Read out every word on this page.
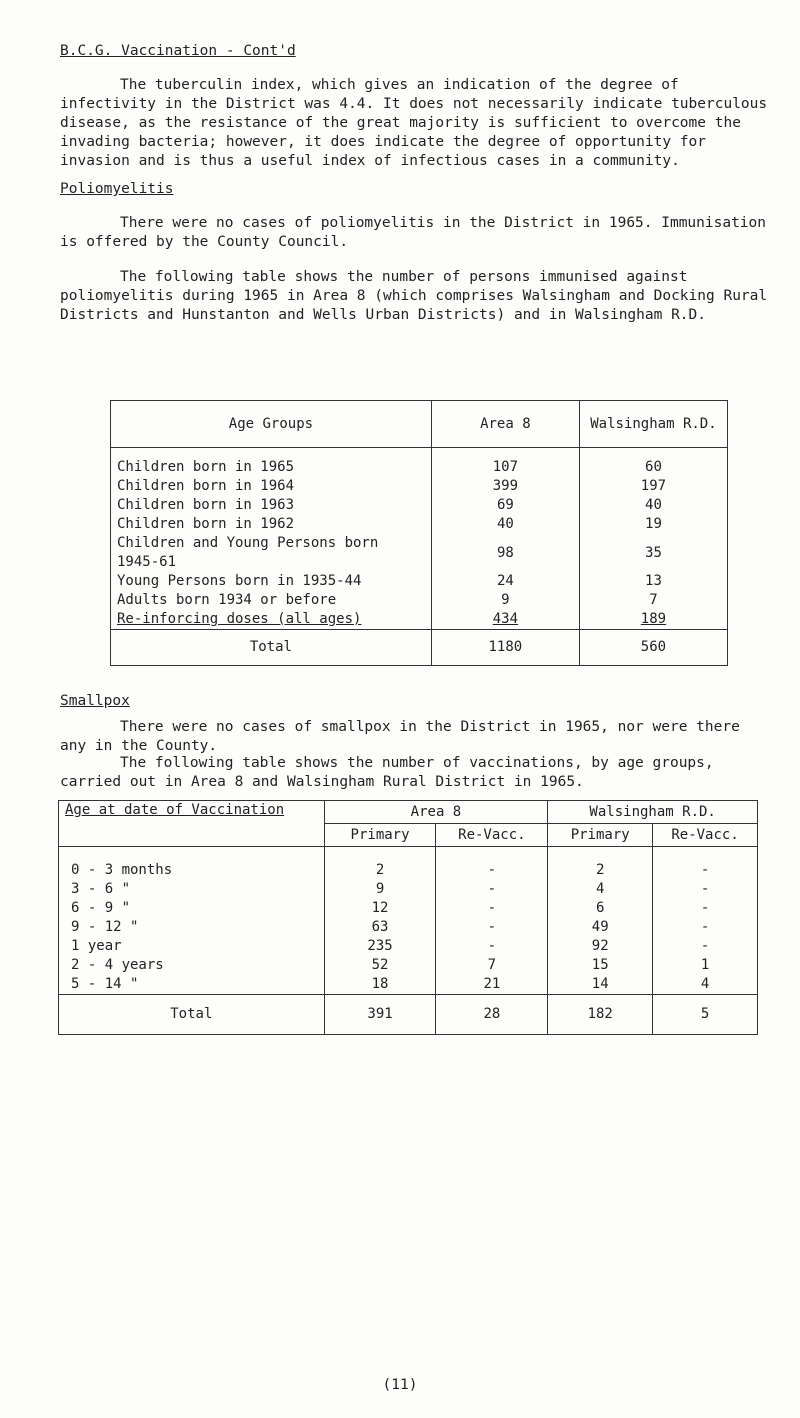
B.C.G. Vaccination - Cont'd

The tuberculin index, which gives an indication of the degree of infectivity in the District was 4.4. It does not necessarily indicate tuberculous disease, as the resistance of the great majority is sufficient to overcome the invading bacteria; however, it does indicate the degree of opportunity for invasion and is thus a useful index of infectious cases in a community.

Poliomyelitis

There were no cases of poliomyelitis in the District in 1965. Immunisation is offered by the County Council.

The following table shows the number of persons immunised against poliomyelitis during 1965 in Area 8 (which comprises Walsingham and Docking Rural Districts and Hunstanton and Wells Urban Districts) and in Walsingham R.D.

Age Groups	Area 8	Walsingham R.D.
Children born in 1965	107	60
Children born in 1964	399	197
Children born in 1963	69	40
Children born in 1962	40	19
Children and Young Persons born 1945-61	98	35
Young Persons born in 1935-44	24	13
Adults born 1934 or before	9	7
Re-inforcing doses (all ages)	434	189
Total	1180	560
Smallpox

There were no cases of smallpox in the District in 1965, nor were there any in the County.

The following table shows the number of vaccinations, by age groups, carried out in Area 8 and Walsingham Rural District in 1965.

Age at date of Vaccination	Area 8		Walsingham R.D.	
	Primary	Re-Vacc.	Primary	Re-Vacc.
0 - 3 months	2	-	2	-
3 - 6 "	9	-	4	-
6 - 9 "	12	-	6	-
9 - 12 "	63	-	49	-
1 year	235	-	92	-
2 - 4 years	52	7	15	1
5 - 14 "	18	21	14	4
Total	391	28	182	5
(11)
